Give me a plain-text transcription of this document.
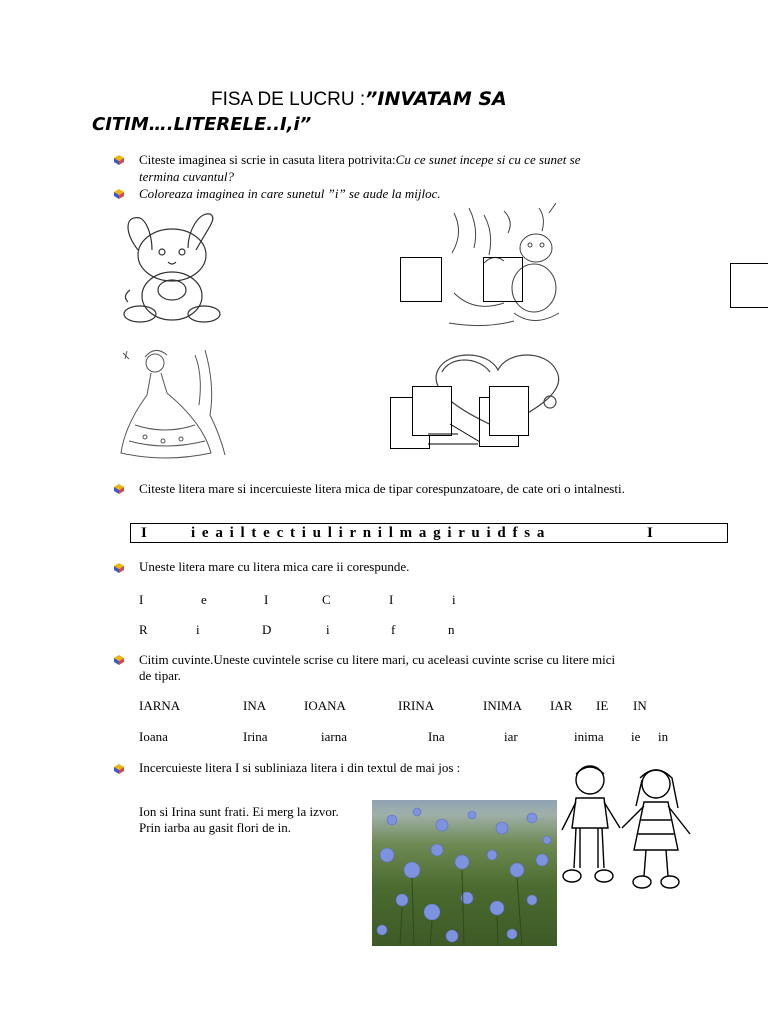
FISA DE LUCRU :”INVATAM SA
CITIM….LITERELE..I,i”
Citeste imaginea si scrie in casuta litera potrivita:Cu ce sunet incepe si cu ce sunet se
termina cuvantul?
Coloreaza imaginea in care sunetul ”i” se aude la mijloc.
Citeste litera mare si incercuieste litera mica de tipar corespunzatoare, de cate ori o intalnesti.
I	i e a i l t e c t i u l i r n i l m a g i r u i d f s a	I
Uneste litera mare cu litera mica care ii corespunde.
I	e	I	C	I	i
R	i	D	i	f	n
Citim cuvinte.Uneste cuvintele scrise cu litere mari, cu aceleasi cuvinte scrise cu litere mici
de tipar.
IARNA	INA	IOANA	IRINA	INIMA IAR IE IN
Ioana	Irina	iarna	Ina	iar	inima ie in
Incercuieste litera I si subliniaza litera i din textul de mai jos :
Ion si Irina sunt frati. Ei merg la izvor.
Prin iarba au gasit flori de in.
